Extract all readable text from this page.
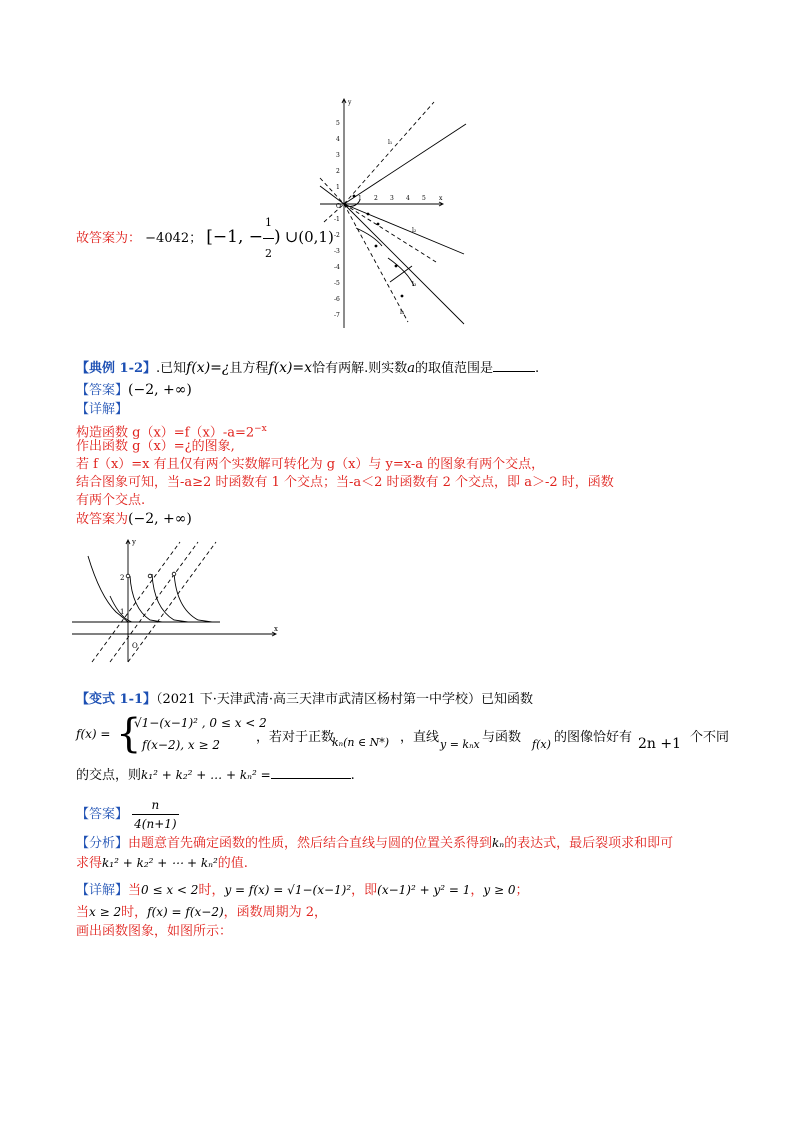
y
x
O
5
4
3
2
1
-1
-2
-3
-4
-5
-6
-7
1 2 3 4 5
l₁
l₂
l₃
l₄
故答案为： −4042； [−1, − $\frac{1}{2}$ ) ∪(0,1)
【典例 1-2】.已知f(x)=¿且方程f(x)=x恰有两解.则实数a的取值范围是	.
【答案】(−2, +∞)
【详解】
构造函数 $g(x)=f(x)-a=2^{-x}$
作出函数 g（x）=¿的图象,
若 f（x）=x 有且仅有两个实数解可转化为 g（x）与 y=x-a 的图象有两个交点，
结合图象可知，当-a≥2 时函数有 1 个交点；当-a＜2 时函数有 2 个交点，即 a＞-2 时，函数
有两个交点.
故答案为(−2, +∞)
y
x
O
1
2
【变式 1-1】（2021 下·天津武清·高三天津市武清区杨村第一中学校）已知函数
f(x) = {
√1−(x−1)² , 0 ≤ x < 2
f(x−2), x ≥ 2	，若对于正数
kₙ(n ∈ N*) ，直线 y = kₙx 与函数 f(x) 的图像恰好有 2n +1 个不同
的交点，则k₁² + k₂² + … + kₙ² =	.
【答案】 $\frac{n}{4(n+1)}$
【分析】由题意首先确定函数的性质，然后结合直线与圆的位置关系得到kₙ的表达式，最后裂项求和即可
求得k₁² + k₂² + ⋯ + kₙ²的值.
【详解】当0 ≤ x < 2时，y = f(x) = √1−(x−1)²，即(x−1)² + y² = 1，y ≥ 0；
当x ≥ 2时，f(x) = f(x−2)，函数周期为 2，
画出函数图象，如图所示：
